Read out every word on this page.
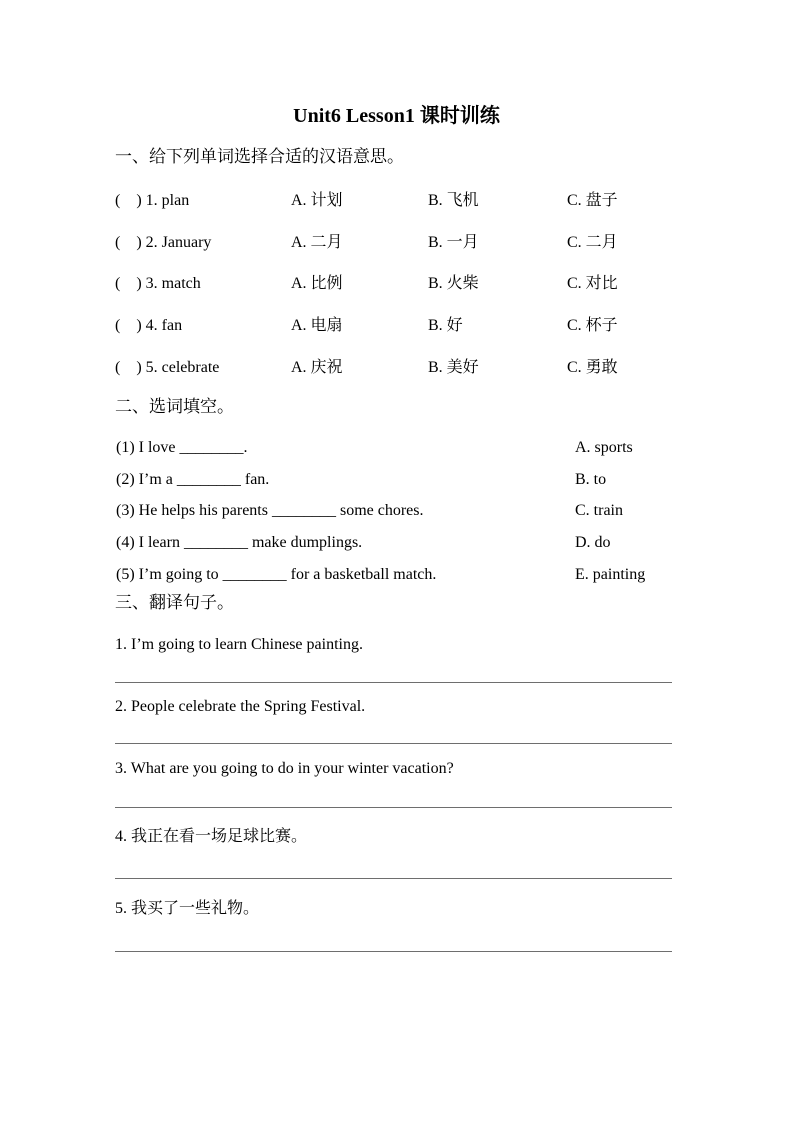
Unit6 Lesson1 课时训练
一、给下列单词选择合适的汉语意思。
(    ) 1. plan	A. 计划	B. 飞机	C. 盘子
(    ) 2. January	A. 二月	B. 一月	C. 二月
(    ) 3. match	A. 比例	B. 火柴	C. 对比
(    ) 4. fan	A. 电扇	B. 好	C. 杯子
(    ) 5. celebrate	A. 庆祝	B. 美好	C. 勇敢
二、选词填空。
(1) I love ________.	A. sports
(2) I’m a ________ fan.	B. to
(3) He helps his parents ________ some chores.	C. train
(4) I learn ________ make dumplings.	D. do
(5) I’m going to ________ for a basketball match.	E. painting
三、翻译句子。
1. I’m going to learn Chinese painting.
2. People celebrate the Spring Festival.
3. What are you going to do in your winter vacation?
4. 我正在看一场足球比赛。
5. 我买了一些礼物。
